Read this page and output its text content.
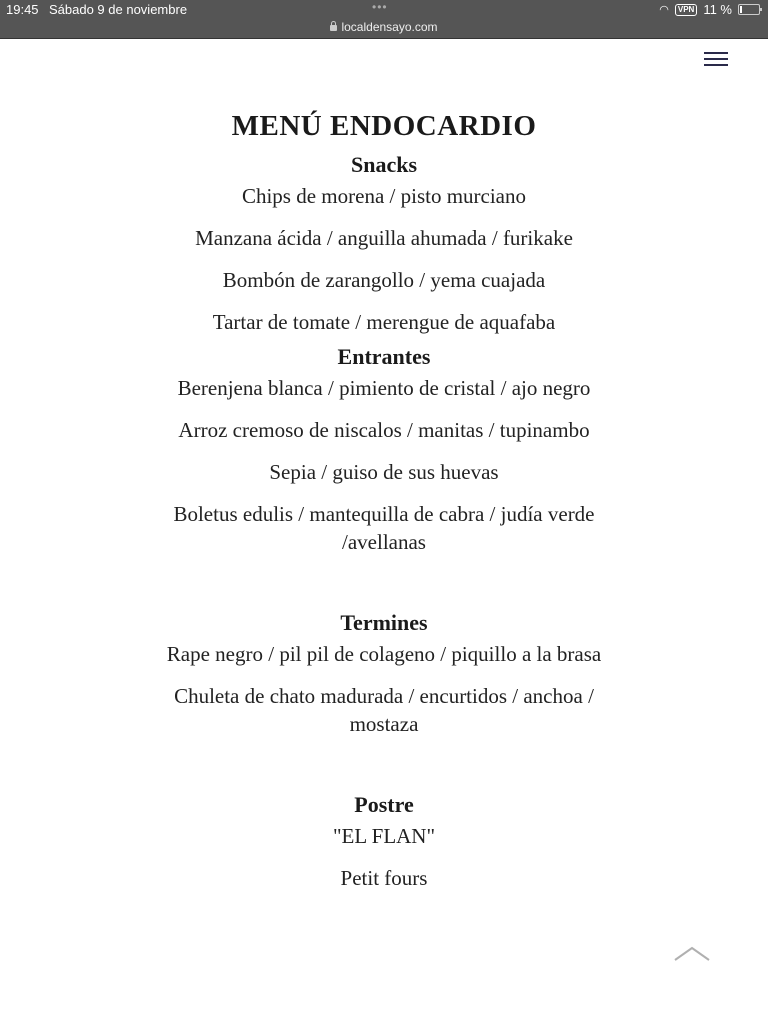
19:45 Sábado 9 de noviembre	•••
localdensayo.com
◠	VPN 11 %
MENÚ ENDOCARDIO
Snacks

Chips de morena / pisto murciano

Manzana ácida / anguilla ahumada / furikake

Bombón de zarangollo / yema cuajada

Tartar de tomate / merengue de aquafaba

Entrantes

Berenjena blanca / pimiento de cristal / ajo negro

Arroz cremoso de niscalos / manitas / tupinambo

Sepia / guiso de sus huevas

Boletus edulis / mantequilla de cabra / judía verde /avellanas

Termines

Rape negro / pil pil de colageno / piquillo a la brasa

Chuleta de chato madurada / encurtidos / anchoa / mostaza

Postre

"EL FLAN"

Petit fours
